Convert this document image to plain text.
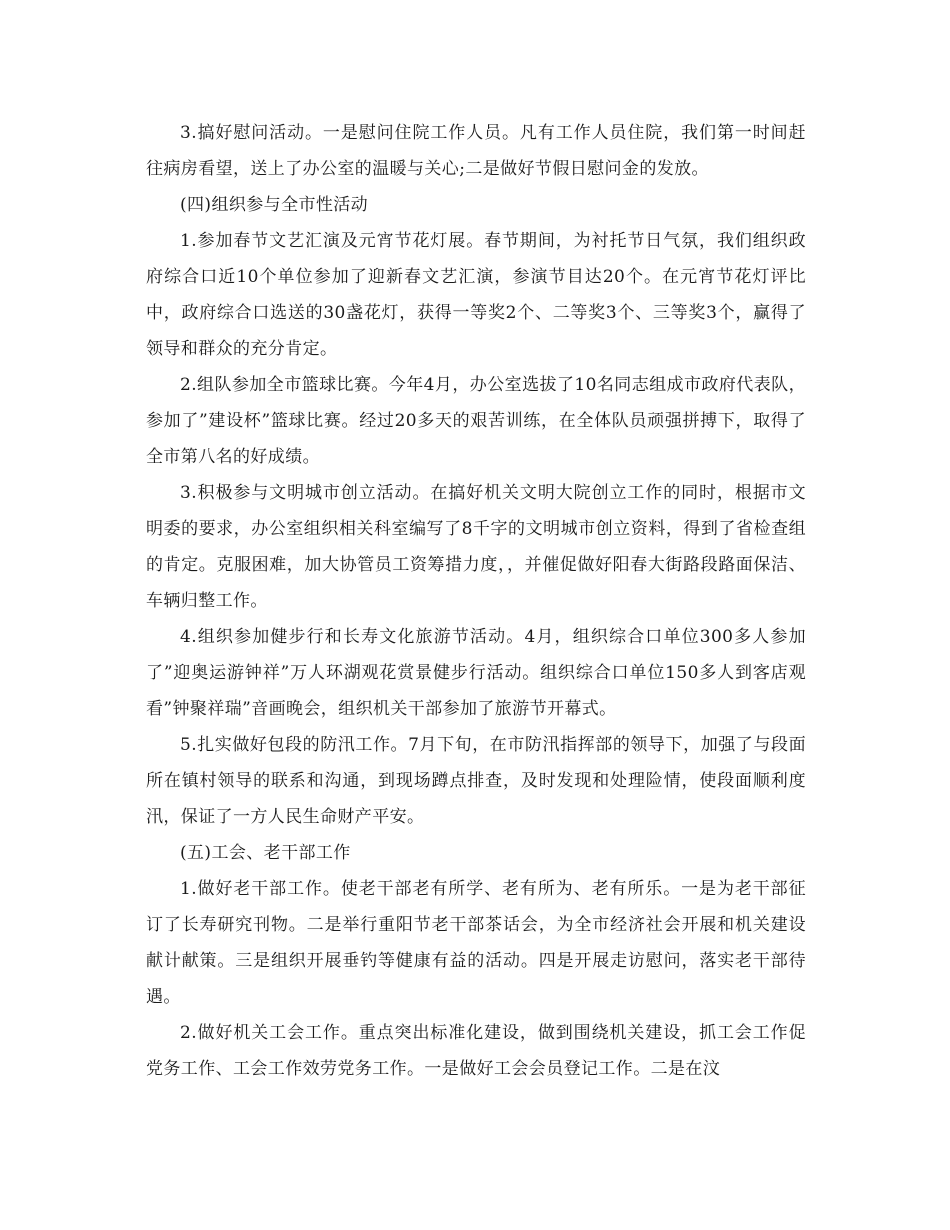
3.搞好慰问活动。一是慰问住院工作人员。凡有工作人员住院，我们第一时间赶往病房看望，送上了办公室的温暖与关心;二是做好节假日慰问金的发放。

(四)组织参与全市性活动

1.参加春节文艺汇演及元宵节花灯展。春节期间，为衬托节日气氛，我们组织政府综合口近10个单位参加了迎新春文艺汇演，参演节目达20个。在元宵节花灯评比中，政府综合口选送的30盏花灯，获得一等奖2个、二等奖3个、三等奖3个，赢得了领导和群众的充分肯定。

2.组队参加全市篮球比赛。今年4月，办公室选拔了10名同志组成市政府代表队，参加了”建设杯”篮球比赛。经过20多天的艰苦训练，在全体队员顽强拼搏下，取得了全市第八名的好成绩。

3.积极参与文明城市创立活动。在搞好机关文明大院创立工作的同时，根据市文明委的要求，办公室组织相关科室编写了8千字的文明城市创立资料，得到了省检查组的肯定。克服困难，加大协管员工资筹措力度，，并催促做好阳春大街路段路面保洁、车辆归整工作。

4.组织参加健步行和长寿文化旅游节活动。4月，组织综合口单位300多人参加了”迎奥运游钟祥”万人环湖观花赏景健步行活动。组织综合口单位150多人到客店观看”钟聚祥瑞”音画晚会，组织机关干部参加了旅游节开幕式。

5.扎实做好包段的防汛工作。7月下旬，在市防汛指挥部的领导下，加强了与段面所在镇村领导的联系和沟通，到现场蹲点排查，及时发现和处理险情，使段面顺利度汛，保证了一方人民生命财产平安。

(五)工会、老干部工作

1.做好老干部工作。使老干部老有所学、老有所为、老有所乐。一是为老干部征订了长寿研究刊物。二是举行重阳节老干部茶话会，为全市经济社会开展和机关建设献计献策。三是组织开展垂钓等健康有益的活动。四是开展走访慰问，落实老干部待遇。

2.做好机关工会工作。重点突出标准化建设，做到围绕机关建设，抓工会工作促党务工作、工会工作效劳党务工作。一是做好工会会员登记工作。二是在汶
